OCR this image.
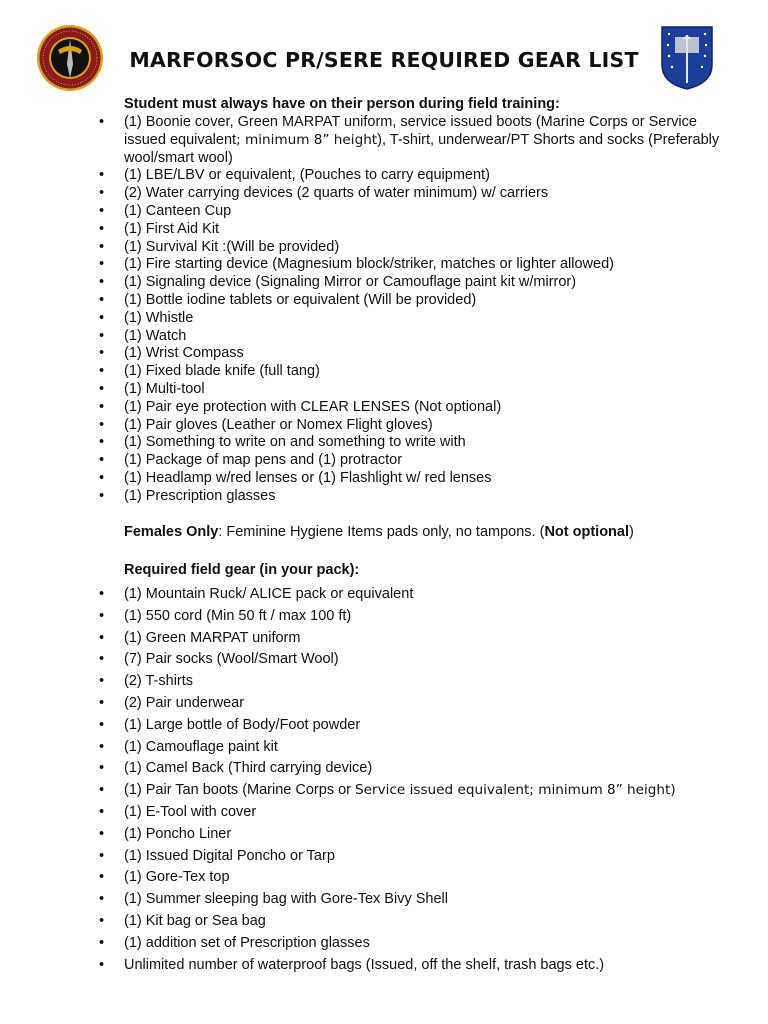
MARFORSOC PR/SERE REQUIRED GEAR LIST

Student must always have on their person during field training:

• (1) Boonie cover, Green MARPAT uniform, service issued boots (Marine Corps or Service issued equivalent; minimum 8” height), T-shirt, underwear/PT Shorts and socks (Preferably wool/smart wool)
• (1) LBE/LBV or equivalent, (Pouches to carry equipment)
• (2) Water carrying devices (2 quarts of water minimum) w/ carriers
• (1) Canteen Cup
• (1) First Aid Kit
• (1) Survival Kit :(Will be provided)
• (1) Fire starting device (Magnesium block/striker, matches or lighter allowed)
• (1) Signaling device (Signaling Mirror or Camouflage paint kit w/mirror)
• (1) Bottle iodine tablets or equivalent (Will be provided)
• (1) Whistle
• (1) Watch
• (1) Wrist Compass
• (1) Fixed blade knife (full tang)
• (1) Multi-tool
• (1) Pair eye protection with CLEAR LENSES (Not optional)
• (1) Pair gloves (Leather or Nomex Flight gloves)
• (1) Something to write on and something to write with
• (1) Package of map pens and (1) protractor
• (1) Headlamp w/red lenses or (1) Flashlight w/ red lenses
• (1) Prescription glasses

Females Only: Feminine Hygiene Items pads only, no tampons. (Not optional)

Required field gear (in your pack):

• (1) Mountain Ruck/ ALICE pack or equivalent
• (1) 550 cord (Min 50 ft / max 100 ft)
• (1) Green MARPAT uniform
• (7) Pair socks (Wool/Smart Wool)
• (2) T-shirts
• (2) Pair underwear
• (1) Large bottle of Body/Foot powder
• (1) Camouflage paint kit
• (1) Camel Back (Third carrying device)
• (1) Pair Tan boots (Marine Corps or Service issued equivalent; minimum 8” height)
• (1) E-Tool with cover
• (1) Poncho Liner
• (1) Issued Digital Poncho or Tarp
• (1) Gore-Tex top
• (1) Summer sleeping bag with Gore-Tex Bivy Shell
• (1) Kit bag or Sea bag
• (1) addition set of Prescription glasses
• Unlimited number of waterproof bags (Issued, off the shelf, trash bags etc.)
